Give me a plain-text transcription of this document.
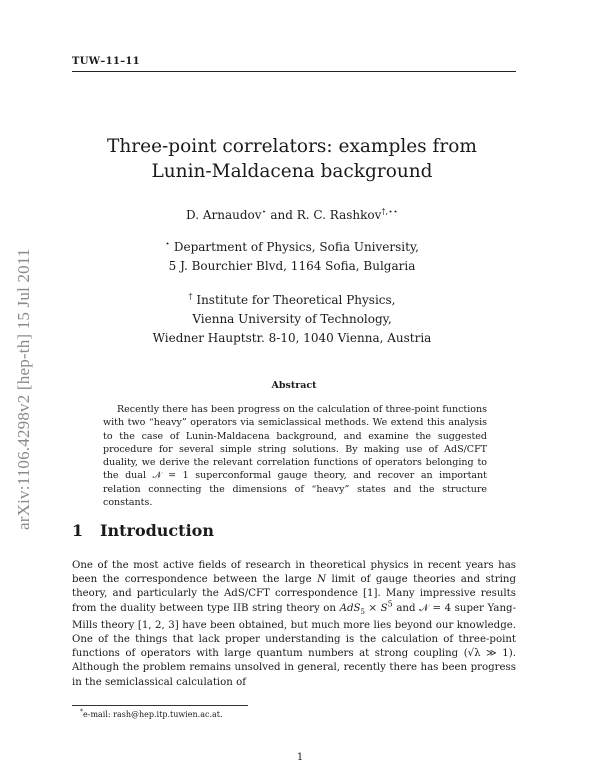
TUW–11–11
arXiv:1106.4298v2 [hep-th] 15 Jul 2011
Three-point correlators: examples from
Lunin-Maldacena background
D. Arnaudov⋆ and R. C. Rashkov†,⋆⋆
⋆ Department of Physics, Sofia University,
5 J. Bourchier Blvd, 1164 Sofia, Bulgaria
† Institute for Theoretical Physics,
Vienna University of Technology,
Wiedner Hauptstr. 8-10, 1040 Vienna, Austria
Abstract
Recently there has been progress on the calculation of three-point functions with two “heavy” operators via semiclassical methods. We extend this analysis to the case of Lunin-Maldacena background, and examine the suggested procedure for several simple string solutions. By making use of AdS/CFT duality, we derive the relevant correlation functions of operators belonging to the dual 𝒩 = 1 superconformal gauge theory, and recover an important relation connecting the dimensions of “heavy” states and the structure constants.
1 Introduction

One of the most active fields of research in theoretical physics in recent years has been the correspondence between the large N limit of gauge theories and string theory, and particularly the AdS/CFT correspondence [1]. Many impressive results from the duality between type IIB string theory on $AdS_5 \times S^5$ and 𝒩 = 4 super Yang-Mills theory [1, 2, 3] have been obtained, but much more lies beyond our knowledge. One of the things that lack proper understanding is the calculation of three-point functions of operators with large quantum numbers at strong coupling (√λ ≫ 1). Although the problem remains unsolved in general, recently there has been progress in the semiclassical calculation of

*e-mail: rash@hep.itp.tuwien.ac.at.
1
